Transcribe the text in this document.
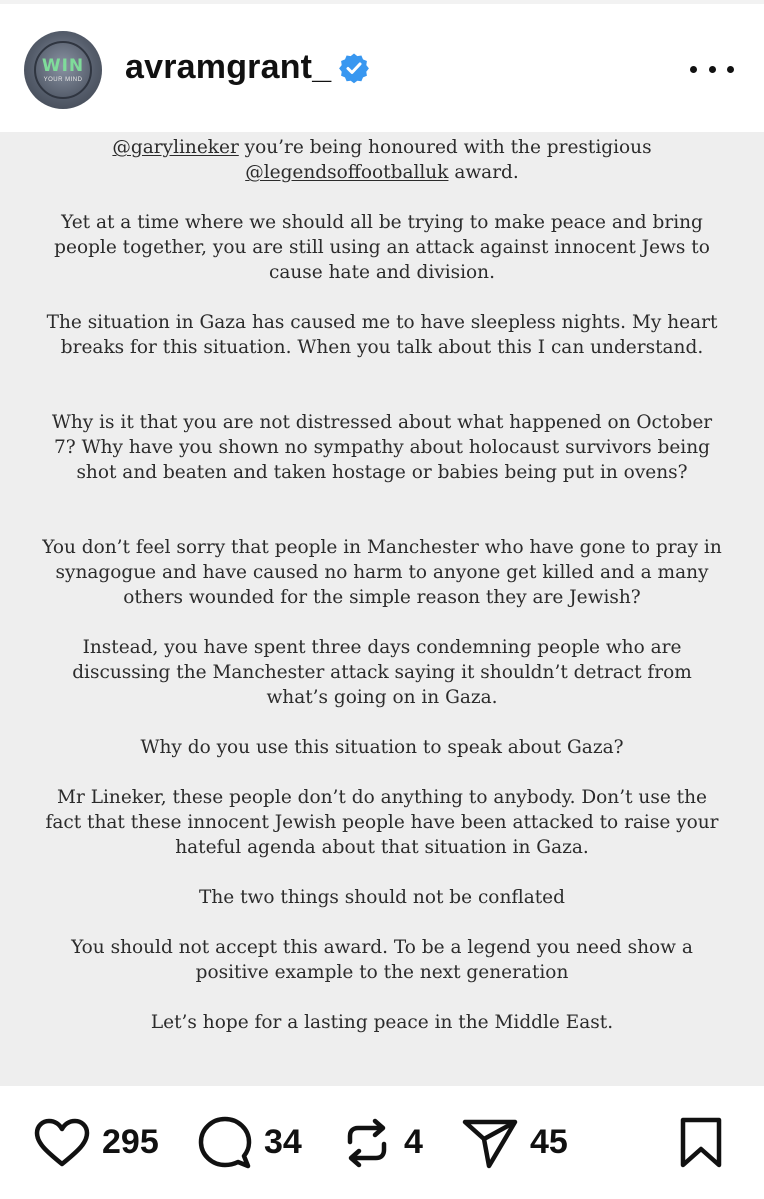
WIN
YOUR MIND	avramgrant_

@garylineker you’re being honoured with the prestigious
@legendsoffootballuk award.

Yet at a time where we should all be trying to make peace and bring people together, you are still using an attack against innocent Jews to cause hate and division.

The situation in Gaza has caused me to have sleepless nights. My heart breaks for this situation. When you talk about this I can understand.

Why is it that you are not distressed about what happened on October 7? Why have you shown no sympathy about holocaust survivors being shot and beaten and taken hostage or babies being put in ovens?

You don’t feel sorry that people in Manchester who have gone to pray in synagogue and have caused no harm to anyone get killed and a many others wounded for the simple reason they are Jewish?

Instead, you have spent three days condemning people who are discussing the Manchester attack saying it shouldn’t detract from what’s going on in Gaza.

Why do you use this situation to speak about Gaza?

Mr Lineker, these people don’t do anything to anybody. Don’t use the fact that these innocent Jewish people have been attacked to raise your hateful agenda about that situation in Gaza.

The two things should not be conflated

You should not accept this award. To be a legend you need show a positive example to the next generation

Let’s hope for a lasting peace in the Middle East.

295	34	4	45
